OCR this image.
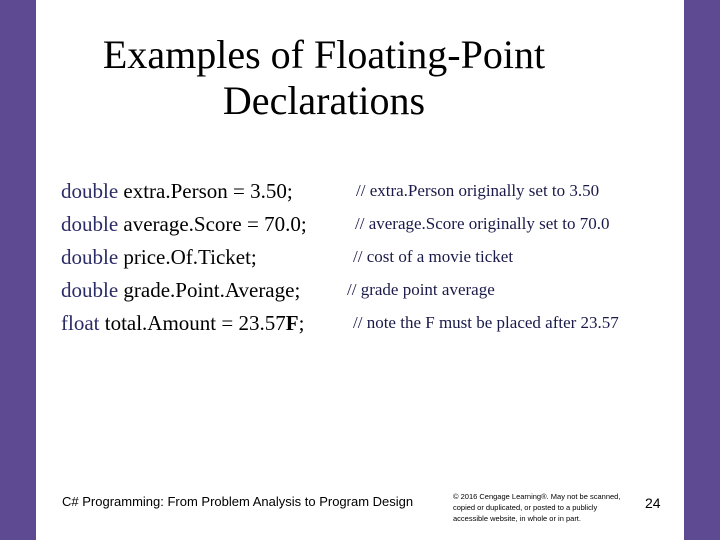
Examples of Floating-Point
Declarations
double extra.Person = 3.50;
double average.Score = 70.0;
double price.Of.Ticket;
double grade.Point.Average;
float total.Amount = 23.57F;
// extra.Person originally set to 3.50
// average.Score originally set to 70.0
// cost of a movie ticket
// grade point average
// note the F must be placed after 23.57
C# Programming: From Problem Analysis to Program Design	© 2016 Cengage Learning®. May not be scanned, copied or duplicated, or posted to a publicly accessible website, in whole or in part.
24
